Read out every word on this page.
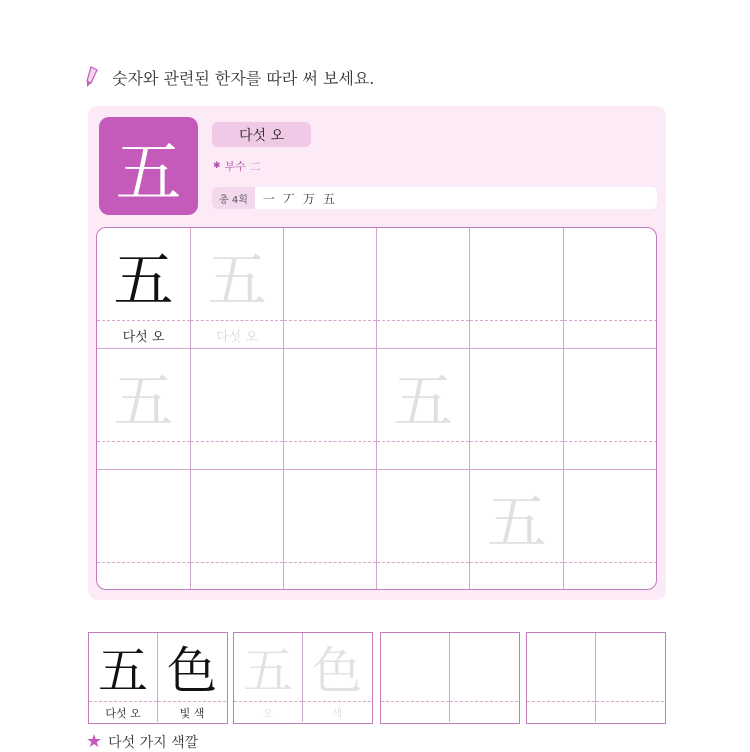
숫자와 관련된 한자를 따라 써 보세요.
五	다섯 오
✱ 부수 二
총 4획	一 丆 万 五
五
다섯 오
五
다섯 오
五	五
五
五
다섯 오
色
빛 색
五
오
色
색
★ 다섯 가지 색깔
